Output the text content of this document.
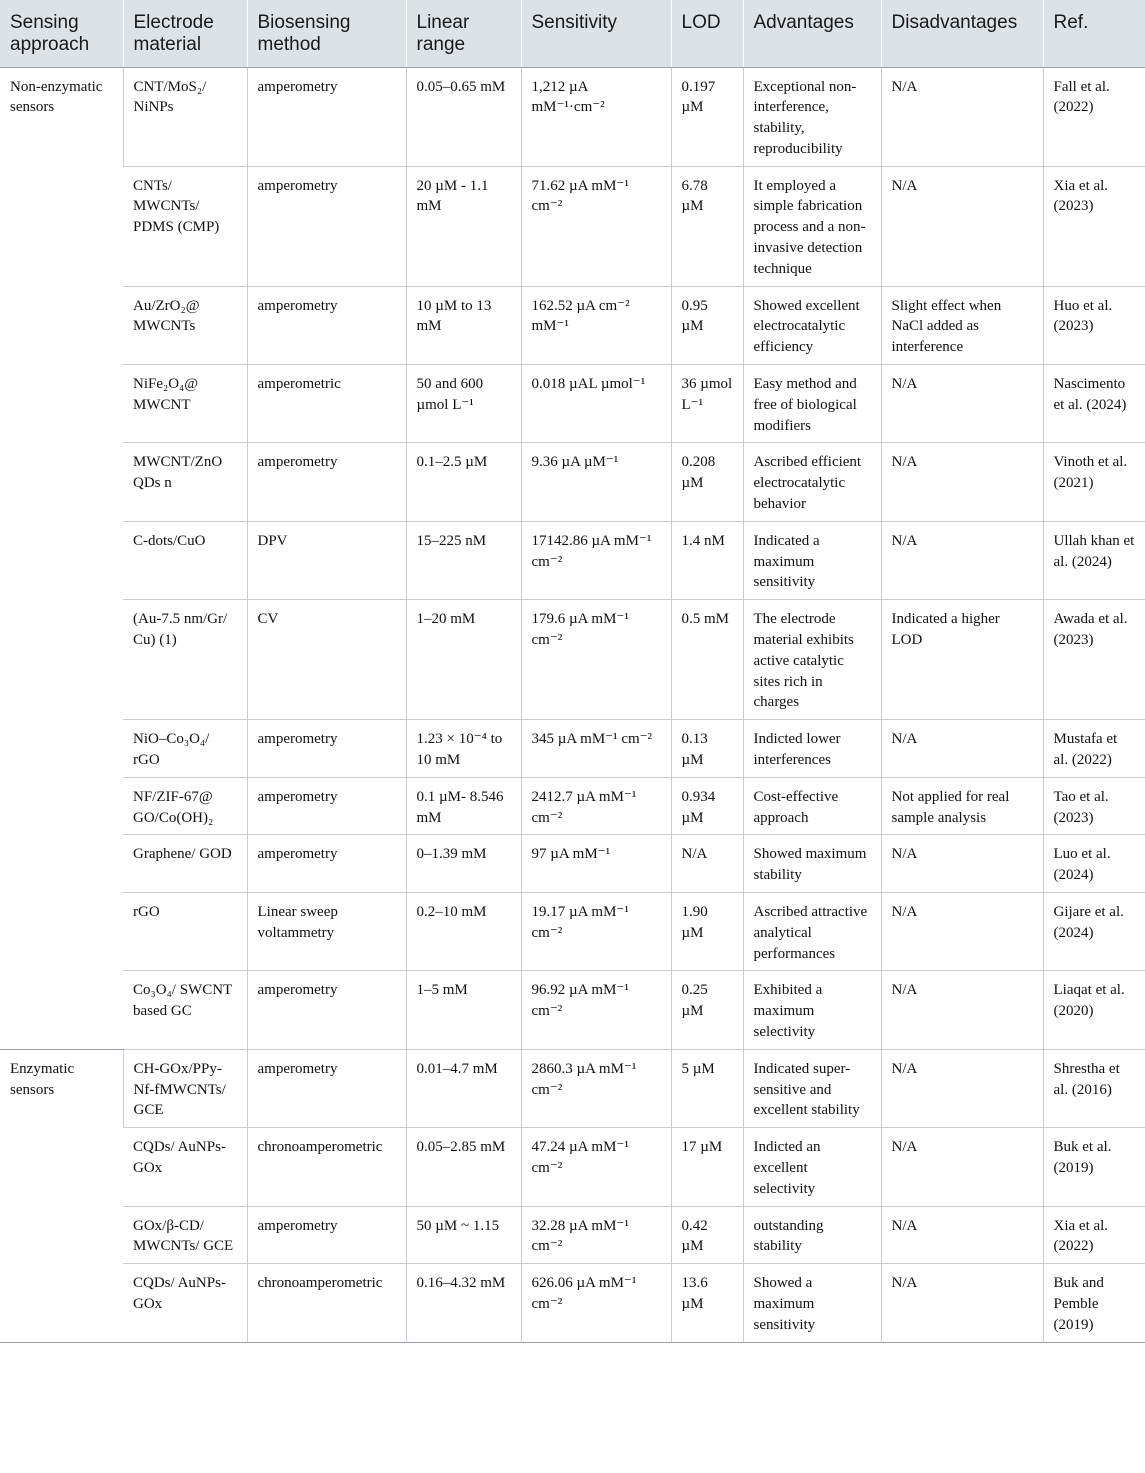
Sensing approach	Electrode material	Biosensing method	Linear range	Sensitivity	LOD	Advantages	Disadvantages	Ref.
Non-enzymatic sensors	CNT/MoS₂/ NiNPs	amperometry	0.05–0.65 mM	1,212 µA mM⁻¹·cm⁻²	0.197 µM	Exceptional non-interference, stability, reproducibility	N/A	Fall et al. (2022)
	CNTs/ MWCNTs/ PDMS (CMP)	amperometry	20 µM - 1.1 mM	71.62 µA mM⁻¹ cm⁻²	6.78 µM	It employed a simple fabrication process and a non-invasive detection technique	N/A	Xia et al. (2023)
	Au/ZrO₂@ MWCNTs	amperometry	10 µM to 13 mM	162.52 µA cm⁻² mM⁻¹	0.95 µM	Showed excellent electrocatalytic efficiency	Slight effect when NaCl added as interference	Huo et al. (2023)
	NiFe₂O₄@ MWCNT	amperometric	50 and 600 µmol L⁻¹	0.018 µAL µmol⁻¹	36 µmol L⁻¹	Easy method and free of biological modifiers	N/A	Nascimento et al. (2024)
	MWCNT/ZnO QDs n	amperometry	0.1–2.5 µM	9.36 µA µM⁻¹	0.208 µM	Ascribed efficient electrocatalytic behavior	N/A	Vinoth et al. (2021)
	C-dots/CuO	DPV	15–225 nM	17142.86 µA mM⁻¹ cm⁻²	1.4 nM	Indicated a maximum sensitivity	N/A	Ullah khan et al. (2024)
	(Au-7.5 nm/Gr/ Cu) (1)	CV	1–20 mM	179.6 µA mM⁻¹ cm⁻²	0.5 mM	The electrode material exhibits active catalytic sites rich in charges	Indicated a higher LOD	Awada et al. (2023)
	NiO–Co₃O₄/ rGO	amperometry	1.23 × 10⁻⁴ to 10 mM	345 µA mM⁻¹ cm⁻²	0.13 µM	Indicted lower interferences	N/A	Mustafa et al. (2022)
	NF/ZIF-67@ GO/Co(OH)₂	amperometry	0.1 µM- 8.546 mM	2412.7 µA mM⁻¹ cm⁻²	0.934 µM	Cost-effective approach	Not applied for real sample analysis	Tao et al. (2023)
	Graphene/ GOD	amperometry	0–1.39 mM	97 µA mM⁻¹	N/A	Showed maximum stability	N/A	Luo et al. (2024)
	rGO	Linear sweep voltammetry	0.2–10 mM	19.17 µA mM⁻¹ cm⁻²	1.90 µM	Ascribed attractive analytical performances	N/A	Gijare et al. (2024)
	Co₃O₄/ SWCNT based GC	amperometry	1–5 mM	96.92 µA mM⁻¹ cm⁻²	0.25 µM	Exhibited a maximum selectivity	N/A	Liaqat et al. (2020)
Enzymatic sensors	CH-GOx/PPy-Nf-fMWCNTs/ GCE	amperometry	0.01–4.7 mM	2860.3 µA mM⁻¹ cm⁻²	5 µM	Indicated super-sensitive and excellent stability	N/A	Shrestha et al. (2016)
	CQDs/ AuNPs-GOx	chronoamperometric	0.05–2.85 mM	47.24 µA mM⁻¹ cm⁻²	17 µM	Indicted an excellent selectivity	N/A	Buk et al. (2019)
	GOx/β-CD/ MWCNTs/ GCE	amperometry	50 µM ~ 1.15	32.28 µA mM⁻¹ cm⁻²	0.42 µM	outstanding stability	N/A	Xia et al. (2022)
	CQDs/ AuNPs-GOx	chronoamperometric	0.16–4.32 mM	626.06 µA mM⁻¹ cm⁻²	13.6 µM	Showed a maximum sensitivity	N/A	Buk and Pemble (2019)
